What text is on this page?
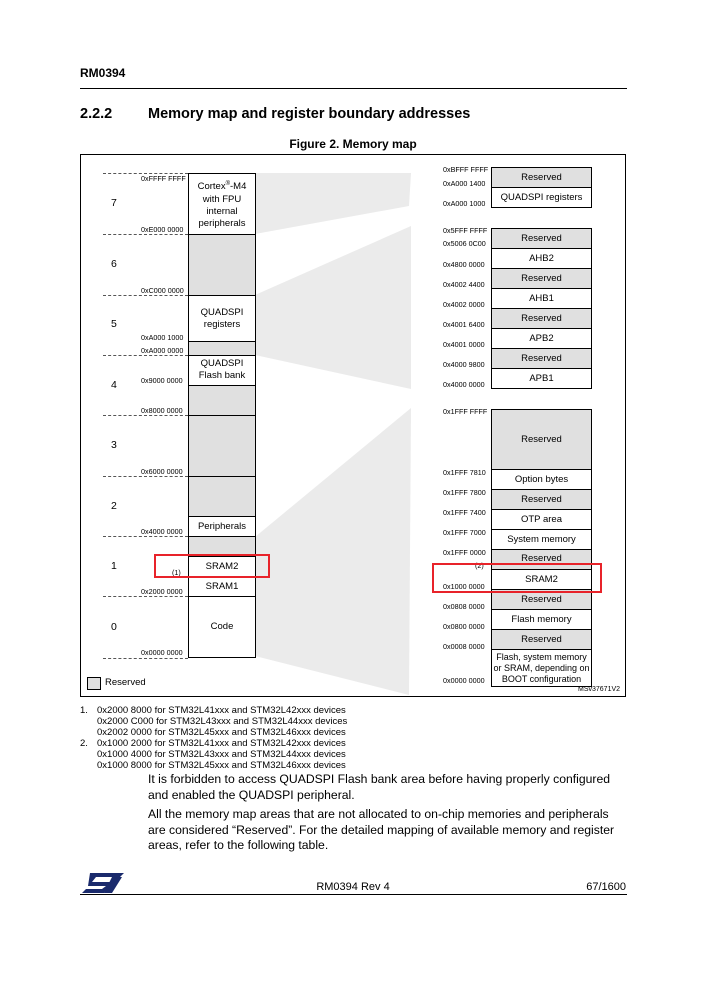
RM0394
2.2.2 Memory map and register boundary addresses
Figure 2. Memory map
Cortex®-M4 with FPU internal peripherals
QUADSPI registers
QUADSPI Flash bank
Peripherals
SRAM2
SRAM1
Code
7
6
5
4
3
2
1
0
0xFFFF FFFF
0xE000 0000
0xC000 0000
0xA000 1000
0xA000 0000
0x9000 0000
0x8000 0000
0x6000 0000
0x4000 0000
(1)
0x2000 0000
0x0000 0000
Reserved
QUADSPI registers
0xBFFF FFFF
0xA000 1400
0xA000 1000
Reserved
AHB2
Reserved
AHB1
Reserved
APB2
Reserved
APB1
0x5FFF FFFF
0x5006 0C00
0x4800 0000
0x4002 4400
0x4002 0000
0x4001 6400
0x4001 0000
0x4000 9800
0x4000 0000
Reserved
Option bytes
Reserved
OTP area
System memory
Reserved
SRAM2
Reserved
Flash memory
Reserved
Flash, system memory or SRAM, depending on BOOT configuration
0x1FFF FFFF
0x1FFF 7810
0x1FFF 7800
0x1FFF 7400
0x1FFF 7000
0x1FFF 0000
(2)
0x1000 0000
0x0808 0000
0x0800 0000
0x0008 0000
0x0000 0000
Reserved
MSv37671V2
1. 0x2000 8000 for STM32L41xxx and STM32L42xxx devices
0x2000 C000 for STM32L43xxx and STM32L44xxx devices
0x2002 0000 for STM32L45xxx and STM32L46xxx devices
2. 0x1000 2000 for STM32L41xxx and STM32L42xxx devices
0x1000 4000 for STM32L43xxx and STM32L44xxx devices
0x1000 8000 for STM32L45xxx and STM32L46xxx devices
It is forbidden to access QUADSPI Flash bank area before having properly configured and enabled the QUADSPI peripheral.
All the memory map areas that are not allocated to on-chip memories and peripherals are considered “Reserved”. For the detailed mapping of available memory and register areas, refer to the following table.
ST	RM0394 Rev 4	67/1600
